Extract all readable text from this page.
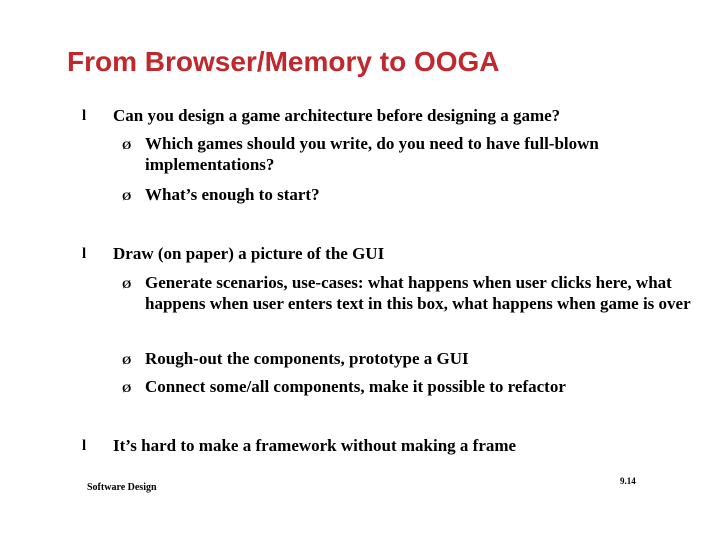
From Browser/Memory to OOGA
l Can you design a game architecture before designing a game?
Ø Which games should you write, do you need to have full-blown implementations?
Ø What’s enough to start?
l Draw (on paper) a picture of the GUI
Ø Generate scenarios, use-cases: what happens when user clicks here, what happens when user enters text in this box, what happens when game is over
Ø Rough-out the components, prototype a GUI
Ø Connect some/all components, make it possible to refactor
l It’s hard to make a framework without making a frame
Software Design
9.14
